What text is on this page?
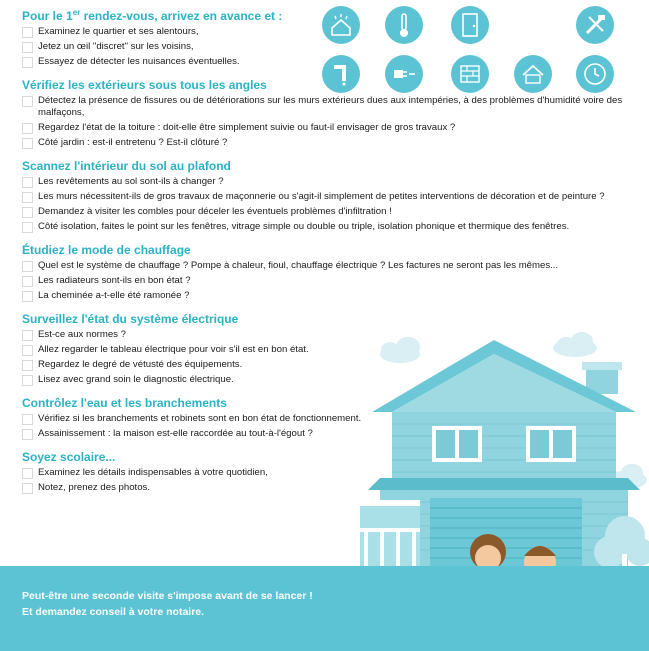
Pour le 1er rendez-vous, arrivez en avance et :
Examinez le quartier et ses alentours,
Jetez un œil "discret" sur les voisins,
Essayez de détecter les nuisances éventuelles.
Vérifiez les extérieurs sous tous les angles
Détectez la présence de fissures ou de détériorations sur les murs extérieurs dues aux intempéries, à des problèmes d'humidité voire des malfaçons,
Regardez l'état de la toiture : doit-elle être simplement suivie ou faut-il envisager de gros travaux ?
Côté jardin : est-il entretenu ? Est-il clôturé ?
Scannez l'intérieur du sol au plafond
Les revêtements au sol sont-ils à changer ?
Les murs nécessitent-ils de gros travaux de maçonnerie ou s'agit-il simplement de petites interventions de décoration et de peinture ?
Demandez à visiter les combles pour déceler les éventuels problèmes d'infiltration !
Côté isolation, faites le point sur les fenêtres, vitrage simple ou double ou triple, isolation phonique et thermique des fenêtres.
Étudiez le mode de chauffage
Quel est le système de chauffage ? Pompe à chaleur, fioul, chauffage électrique ? Les factures ne seront pas les mêmes...
Les radiateurs sont-ils en bon état ?
La cheminée a-t-elle été ramonée ?
Surveillez l'état du système électrique
Est-ce aux normes ?
Allez regarder le tableau électrique pour voir s'il est en bon état.
Regardez le degré de vétusté des équipements.
Lisez avec grand soin le diagnostic électrique.
Contrôlez l'eau et les branchements
Vérifiez si les branchements et robinets sont en bon état de fonctionnement.
Assainissement : la maison est-elle raccordée au tout-à-l'égout ?
Soyez scolaire...
Examinez les détails indispensables à votre quotidien,
Notez, prenez des photos.
Peut-être une seconde visite s'impose avant de se lancer !
Et demandez conseil à votre notaire.
